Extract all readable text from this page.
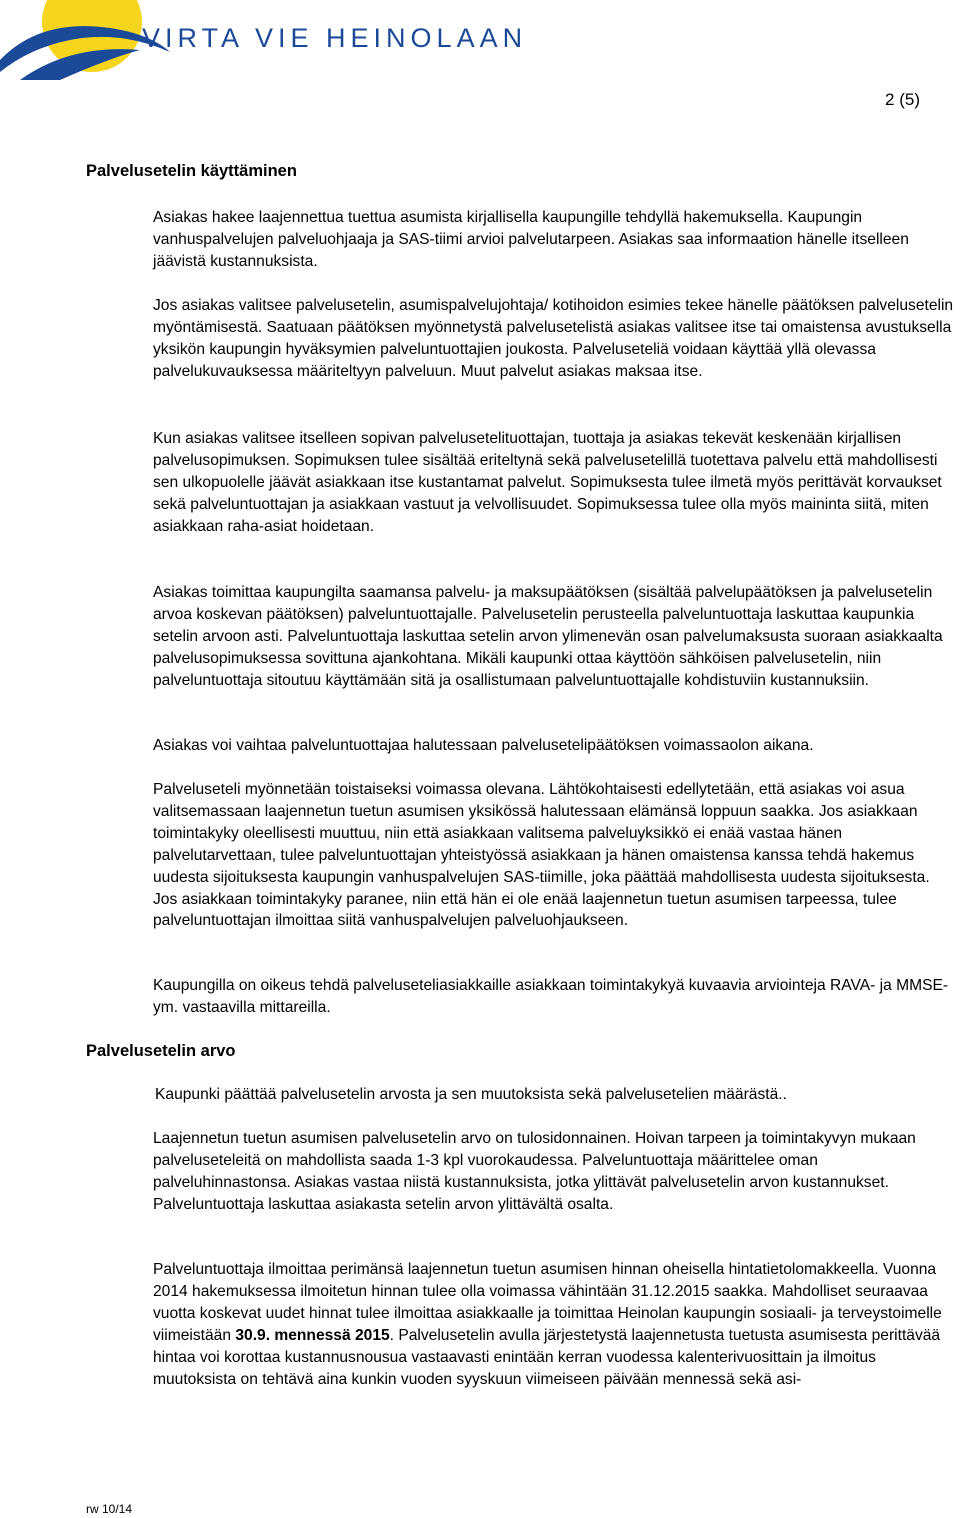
VIRTA VIE HEINOLAAN
2 (5)
Palvelusetelin käyttäminen

Asiakas hakee laajennettua tuettua asumista kirjallisella kaupungille tehdyllä hakemuksella. Kaupungin vanhuspalvelujen palveluohjaaja ja SAS-tiimi arvioi palvelutarpeen. Asiakas saa informaation hänelle itselleen jäävistä kustannuksista.

Jos asiakas valitsee palvelusetelin, asumispalvelujohtaja/ kotihoidon esimies tekee hänelle päätöksen palvelusetelin myöntämisestä. Saatuaan päätöksen myönnetystä palvelusetelistä asiakas valitsee itse tai omaistensa avustuksella yksikön kaupungin hyväksymien palveluntuottajien joukosta. Palveluseteliä voidaan käyttää yllä olevassa palvelukuvauksessa määriteltyyn palveluun. Muut palvelut asiakas maksaa itse.

Kun asiakas valitsee itselleen sopivan palvelusetelituottajan, tuottaja ja asiakas tekevät keskenään kirjallisen palvelusopimuksen. Sopimuksen tulee sisältää eriteltynä sekä palvelusetelillä tuotettava palvelu että mahdollisesti sen ulkopuolelle jäävät asiakkaan itse kustantamat palvelut. Sopimuksesta tulee ilmetä myös perittävät korvaukset sekä palveluntuottajan ja asiakkaan vastuut ja velvollisuudet. Sopimuksessa tulee olla myös maininta siitä, miten asiakkaan raha-asiat hoidetaan.

Asiakas toimittaa kaupungilta saamansa palvelu- ja maksupäätöksen (sisältää palvelupäätöksen ja palvelusetelin arvoa koskevan päätöksen) palveluntuottajalle. Palvelusetelin perusteella palveluntuottaja laskuttaa kaupunkia setelin arvoon asti. Palveluntuottaja laskuttaa setelin arvon ylimenevän osan palvelumaksusta suoraan asiakkaalta palvelusopimuksessa sovittuna ajankohtana. Mikäli kaupunki ottaa käyttöön sähköisen palvelusetelin, niin palveluntuottaja sitoutuu käyttämään sitä ja osallistumaan palveluntuottajalle kohdistuviin kustannuksiin.

Asiakas voi vaihtaa palveluntuottajaa halutessaan palvelusetelipäätöksen voimassaolon aikana.

Palveluseteli myönnetään toistaiseksi voimassa olevana. Lähtökohtaisesti edellytetään, että asiakas voi asua valitsemassaan laajennetun tuetun asumisen yksikössä halutessaan elämänsä loppuun saakka. Jos asiakkaan toimintakyky oleellisesti muuttuu, niin että asiakkaan valitsema palveluyksikkö ei enää vastaa hänen palvelutarvettaan, tulee palveluntuottajan yhteistyössä asiakkaan ja hänen omaistensa kanssa tehdä hakemus uudesta sijoituksesta kaupungin vanhuspalvelujen SAS-tiimille, joka päättää mahdollisesta uudesta sijoituksesta. Jos asiakkaan toimintakyky paranee, niin että hän ei ole enää laajennetun tuetun asumisen tarpeessa, tulee palveluntuottajan ilmoittaa siitä vanhuspalvelujen palveluohjaukseen.

Kaupungilla on oikeus tehdä palveluseteliasiakkaille asiakkaan toimintakykyä kuvaavia arviointeja RAVA- ja MMSE- ym. vastaavilla mittareilla.

Palvelusetelin arvo

Kaupunki päättää palvelusetelin arvosta ja sen muutoksista sekä palvelusetelien määrästä..

Laajennetun tuetun asumisen palvelusetelin arvo on tulosidonnainen. Hoivan tarpeen ja toimintakyvyn mukaan palveluseteleitä on mahdollista saada 1-3 kpl vuorokaudessa. Palveluntuottaja määrittelee oman palveluhinnastonsa. Asiakas vastaa niistä kustannuksista, jotka ylittävät palvelusetelin arvon kustannukset. Palveluntuottaja laskuttaa asiakasta setelin arvon ylittävältä osalta.

Palveluntuottaja ilmoittaa perimänsä laajennetun tuetun asumisen hinnan oheisella hintatietolomakkeella. Vuonna 2014 hakemuksessa ilmoitetun hinnan tulee olla voimassa vähintään 31.12.2015 saakka. Mahdolliset seuraavaa vuotta koskevat uudet hinnat tulee ilmoittaa asiakkaalle ja toimittaa Heinolan kaupungin sosiaali- ja terveystoimelle viimeistään 30.9. mennessä 2015. Palvelusetelin avulla järjestetystä laajennetusta tuetusta asumisesta perittävää hintaa voi korottaa kustannusnousua vastaavasti enintään kerran vuodessa kalenterivuosittain ja ilmoitus muutoksista on tehtävä aina kunkin vuoden syyskuun viimeiseen päivään mennessä sekä asi-

rw 10/14
